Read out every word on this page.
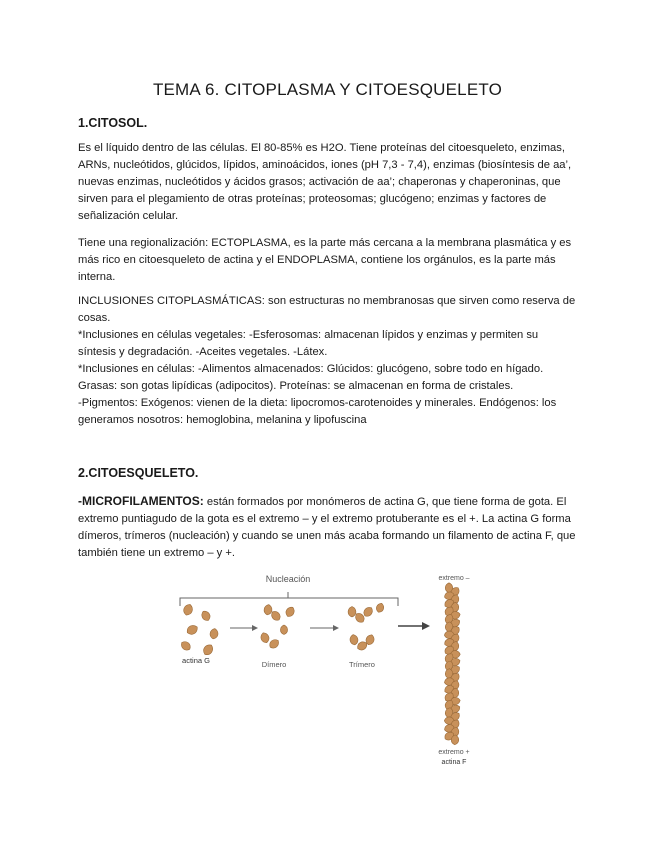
TEMA 6. CITOPLASMA Y CITOESQUELETO
1.CITOSOL.
Es el líquido dentro de las células. El 80-85% es H2O. Tiene proteínas del citoesqueleto, enzimas, ARNs, nucleótidos, glúcidos, lípidos, aminoácidos, iones (pH 7,3 - 7,4), enzimas (biosíntesis de aa’, nuevas enzimas, nucleótidos y ácidos grasos; activación de aa’; chaperonas y chaperoninas, que sirven para el plegamiento de otras proteínas; proteosomas; glucógeno; enzimas y factores de señalización celular.
Tiene una regionalización: ECTOPLASMA, es la parte más cercana a la membrana plasmática y es más rico en citoesqueleto de actina y el ENDOPLASMA, contiene los orgánulos, es la parte más interna.
INCLUSIONES CITOPLASMÁTICAS: son estructuras no membranosas que sirven como reserva de cosas.
*Inclusiones en células vegetales: -Esferosomas: almacenan lípidos y enzimas y permiten su síntesis y degradación. -Aceites vegetales. -Látex.
*Inclusiones en células: -Alimentos almacenados: Glúcidos: glucógeno, sobre todo en hígado. Grasas: son gotas lipídicas (adipocitos). Proteínas: se almacenan en forma de cristales.
-Pigmentos: Exógenos: vienen de la dieta: lipocromos-carotenoides y minerales. Endógenos: los generamos nosotros: hemoglobina, melanina y lipofuscina
2.CITOESQUELETO.
-MICROFILAMENTOS: están formados por monómeros de actina G, que tiene forma de gota. El extremo puntiagudo de la gota es el extremo – y el extremo protuberante es el +. La actina G forma dímeros, trímeros (nucleación) y cuando se unen más acaba formando un filamento de actina F, que también tiene un extremo – y +.
Nucleación
actina G	Dímero	Trímero
extremo –
extremo +
actina F
